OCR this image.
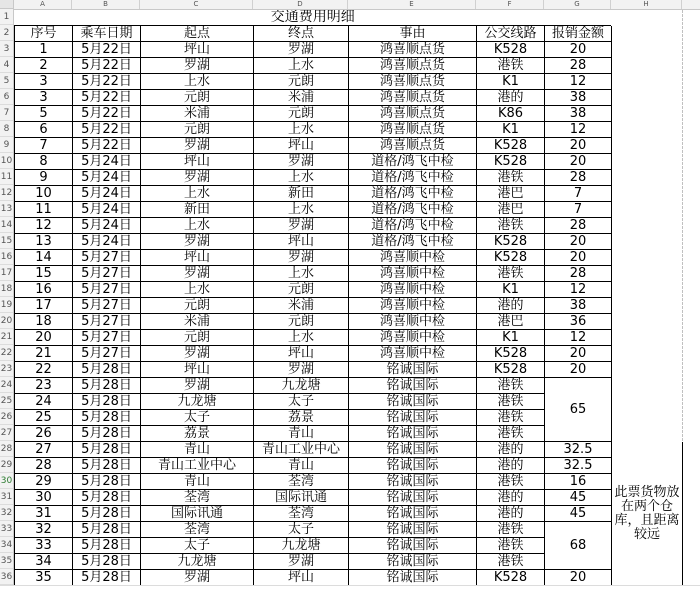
A	B	C	D	E	F	G	H
1
2
3
4
5
6
7
8
9
10
11
12
13
14
15
16
17
18
19
20
21
22
23
24
25
26
27
28
29
30
31
32
33
34
35
36
交通费用明细							
序号	乘车日期	起点	终点	事由	公交线路	报销金额	
1	5月22日	坪山	罗湖	鸿喜顺点货	K528	20	
2	5月22日	罗湖	上水	鸿喜顺点货	港铁	28	
3	5月22日	上水	元朗	鸿喜顺点货	K1	12	
3	5月22日	元朗	米浦	鸿喜顺点货	港的	38	
5	5月22日	米浦	元朗	鸿喜顺点货	K86	38	
6	5月22日	元朗	上水	鸿喜顺点货	K1	12	
7	5月22日	罗湖	坪山	鸿喜顺点货	K528	20	
8	5月24日	坪山	罗湖	道格/鸿飞中检	K528	20	
9	5月24日	罗湖	上水	道格/鸿飞中检	港铁	28	
10	5月24日	上水	新田	道格/鸿飞中检	港巴	7	
11	5月24日	新田	上水	道格/鸿飞中检	港巴	7	
12	5月24日	上水	罗湖	道格/鸿飞中检	港铁	28	
13	5月24日	罗湖	坪山	道格/鸿飞中检	K528	20	
14	5月27日	坪山	罗湖	鸿喜顺中检	K528	20	
15	5月27日	罗湖	上水	鸿喜顺中检	港铁	28	
16	5月27日	上水	元朗	鸿喜顺中检	K1	12	
17	5月27日	元朗	米浦	鸿喜顺中检	港的	38	
18	5月27日	米浦	元朗	鸿喜顺中检	港巴	36	
20	5月27日	元朗	上水	鸿喜顺中检	K1	12	
21	5月27日	罗湖	坪山	鸿喜顺中检	K528	20	
22	5月28日	坪山	罗湖	铭诚国际	K528	20	
23	5月28日	罗湖	九龙塘	铭诚国际	港铁	65	
24	5月28日	九龙塘	太子	铭诚国际	港铁		
25	5月28日	太子	荔景	铭诚国际	港铁		
26	5月28日	荔景	青山	铭诚国际	港铁		
27	5月28日	青山	青山工业中心	铭诚国际	港的	32.5	此票货物放在两个仓库，且距离较远
28	5月28日	青山工业中心	青山	铭诚国际	港的	32.5	
29	5月28日	青山	荃湾	铭诚国际	港铁	16	
30	5月28日	荃湾	国际讯通	铭诚国际	港的	45	
31	5月28日	国际讯通	荃湾	铭诚国际	港的	45	
32	5月28日	荃湾	太子	铭诚国际	港铁	68	
33	5月28日	太子	九龙塘	铭诚国际	港铁		
34	5月28日	九龙塘	罗湖	铭诚国际	港铁		
35	5月28日	罗湖	坪山	铭诚国际	K528	20	
